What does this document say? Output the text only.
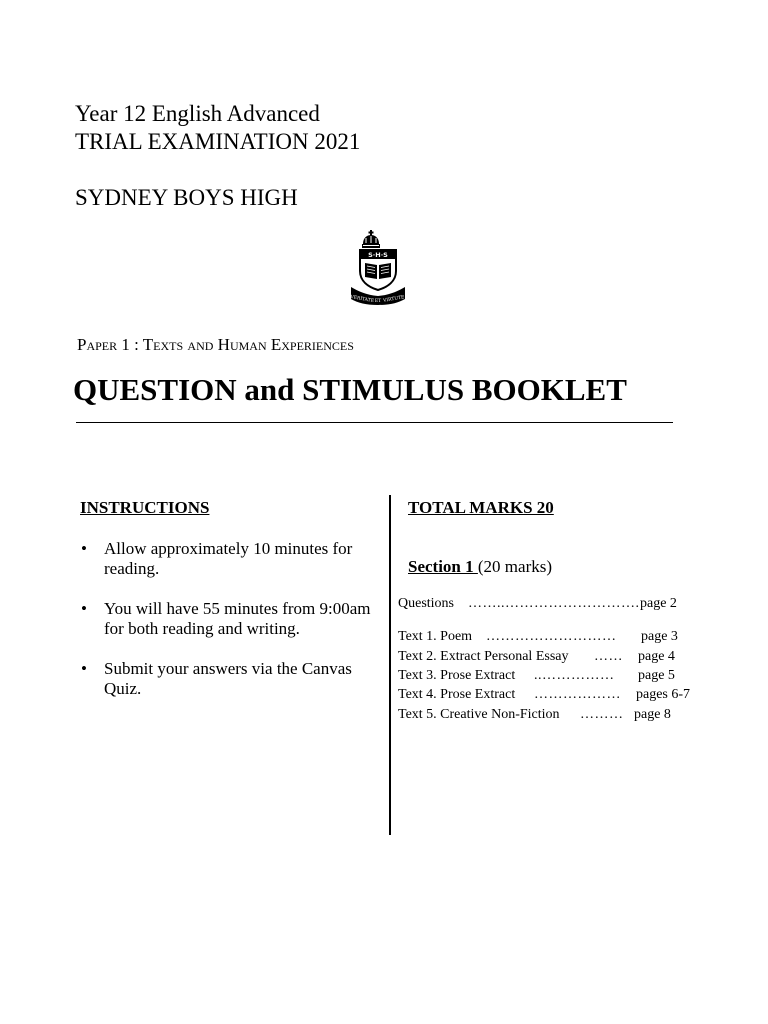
Year 12 English Advanced

TRIAL EXAMINATION 2021

SYDNEY BOYS HIGH

S·H·S
VERITATE ET VIRTUTE

Paper 1 : Texts and Human Experiences

QUESTION and STIMULUS BOOKLET

INSTRUCTIONS

• Allow approximately 10 minutes for reading.
• You will have 55 minutes from 9:00am for both reading and writing.
• Submit your answers via the Canvas Quiz.

TOTAL MARKS 20

Section 1 (20 marks)

Questions……..……………………….page 2

Text 1. Poem……………………… page 3

Text 2. Extract Personal Essay …… page 4

Text 3. Prose Extract..…………… page 5

Text 4. Prose Extract ……………… pages 6-7

Text 5. Creative Non-Fiction ……… page 8
